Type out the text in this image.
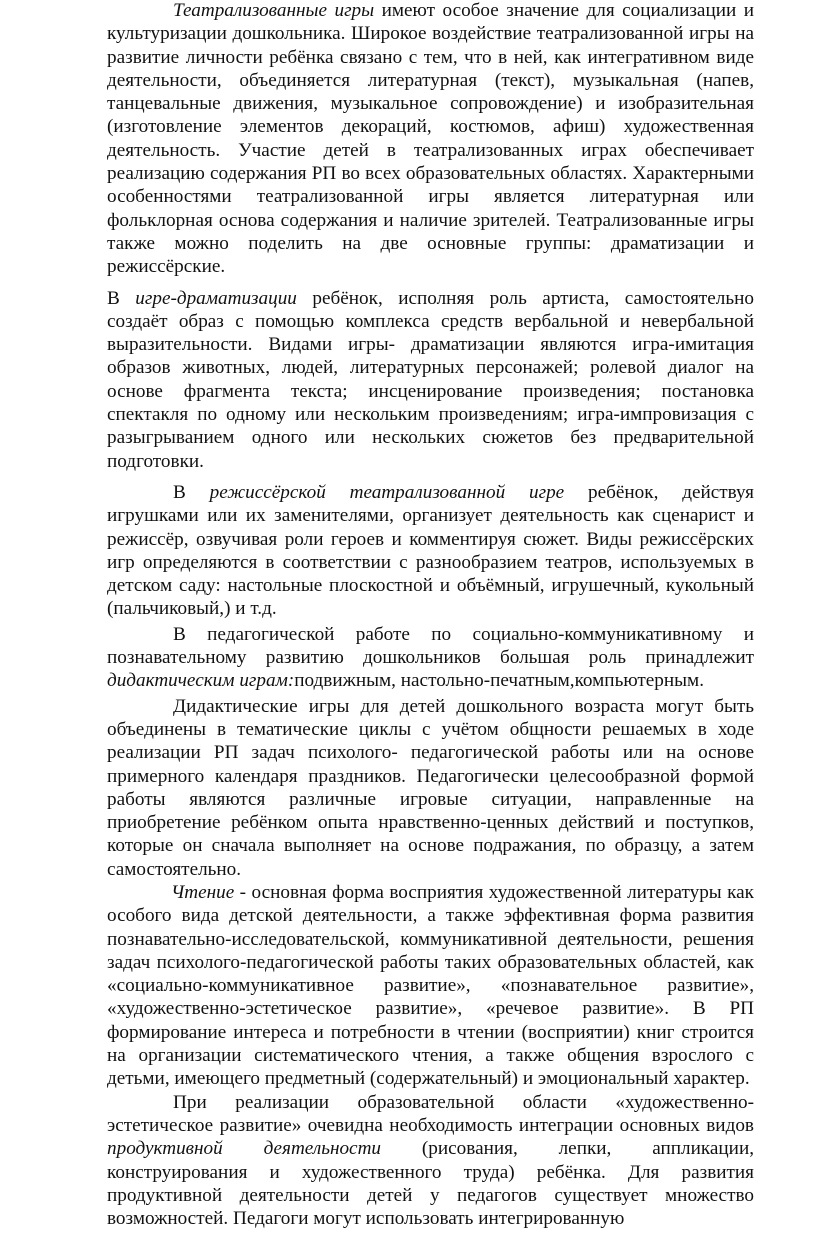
Театрализованные игры имеют особое значение для социализации и культуризации дошкольника. Широкое воздействие театрализованной игры на развитие личности ребёнка связано с тем, что в ней, как интегративном виде деятельности, объединяется литературная (текст), музыкальная (напев, танцевальные движения, музыкальное сопровождение) и изобразительная (изготовление элементов декораций, костюмов, афиш) художественная деятельность. Участие детей в театрализованных играх обеспечивает реализацию содержания РП во всех образовательных областях. Характерными особенностями театрализованной игры является литературная или фольклорная основа содержания и наличие зрителей. Театрализованные игры также можно поделить на две основные группы: драматизации и режиссёрские.

В игре-драматизации ребёнок, исполняя роль артиста, самостоятельно создаёт образ с помощью комплекса средств вербальной и невербальной выразительности. Видами игры- драматизации являются игра-имитация образов животных, людей, литературных персонажей; ролевой диалог на основе фрагмента текста; инсценирование произведения; постановка спектакля по одному или нескольким произведениям; игра-импровизация с разыгрыванием одного или нескольких сюжетов без предварительной подготовки.

В режиссёрской театрализованной игре ребёнок, действуя игрушками или их заменителями, организует деятельность как сценарист и режиссёр, озвучивая роли героев и комментируя сюжет. Виды режиссёрских игр определяются в соответствии с разнообразием театров, используемых в детском саду: настольные плоскостной и объёмный, игрушечный, кукольный (пальчиковый,) и т.д.

В педагогической работе по социально-коммуникативному и познавательному развитию дошкольников большая роль принадлежит дидактическим играм:подвижным, настольно-печатным,компьютерным.

Дидактические игры для детей дошкольного возраста могут быть объединены в тематические циклы с учётом общности решаемых в ходе реализации РП задач психолого- педагогической работы или на основе примерного календаря праздников. Педагогически целесообразной формой работы являются различные игровые ситуации, направленные на приобретение ребёнком опыта нравственно-ценных действий и поступков, которые он сначала выполняет на основе подражания, по образцу, а затем самостоятельно.

Чтение - основная форма восприятия художественной литературы как особого вида детской деятельности, а также эффективная форма развития познавательно-исследовательской, коммуникативной деятельности, решения задач психолого-педагогической работы таких образовательных областей, как «социально-коммуникативное развитие», «познавательное развитие», «художественно-эстетическое развитие», «речевое развитие». В РП формирование интереса и потребности в чтении (восприятии) книг строится на организации систематического чтения, а также общения взрослого с детьми, имеющего предметный (содержательный) и эмоциональный характер.

При реализации образовательной области «художественно-эстетическое развитие» очевидна необходимость интеграции основных видов продуктивной деятельности (рисования, лепки, аппликации, конструирования и художественного труда) ребёнка. Для развития продуктивной деятельности детей у педагогов существует множество возможностей. Педагоги могут использовать интегрированную
